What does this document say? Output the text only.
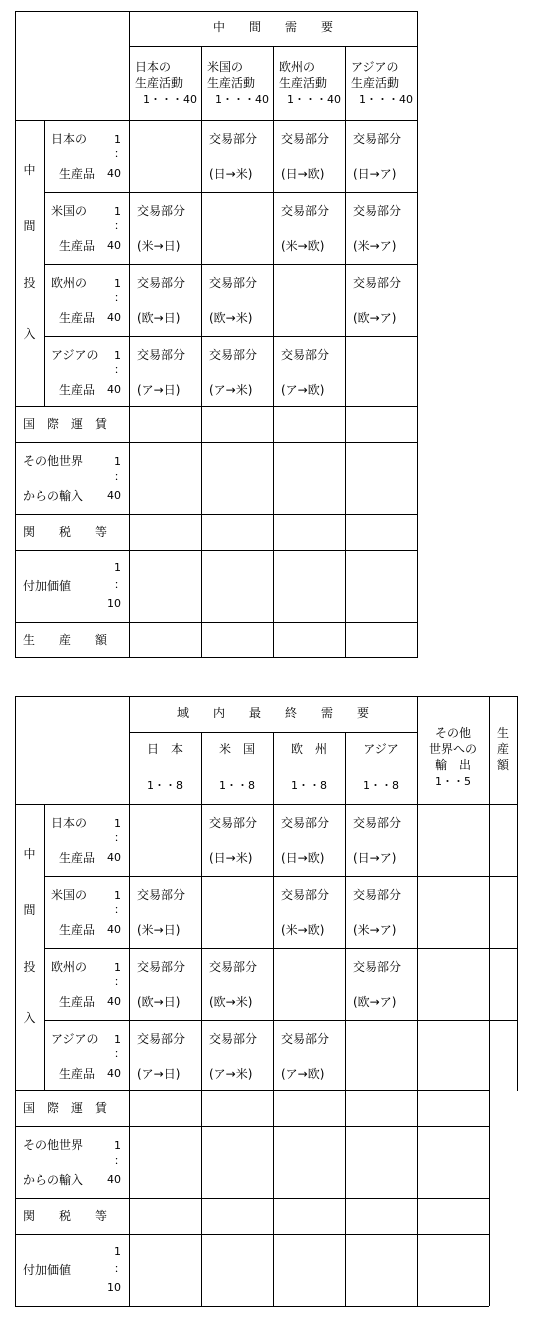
中　　間　　需　　要
日本の
生産活動
1・・・40
米国の
生産活動
1・・・40
欧州の
生産活動
1・・・40
アジアの
生産活動
1・・・40
中
間
投
入
日本の 1
：
生産品 40
交易部分
(日→米)
交易部分
(日→欧)
交易部分
(日→ア)
米国の 1
：
生産品 40
交易部分
(米→日)
交易部分
(米→欧)
交易部分
(米→ア)
欧州の 1
：
生産品 40
交易部分
(欧→日)
交易部分
(欧→米)
交易部分
(欧→ア)
アジアの 1
：
生産品 40
交易部分
(ア→日)
交易部分
(ア→米)
交易部分
(ア→欧)
国　際　運　賃
その他世界	1
：
からの輸入 40
関　　税　　等
1
：
付加価値
10
生　　産　　額
域　　内　　最　　終　　需　　要
日　本
1・・8
米　国
1・・8
欧　州
1・・8
アジア
1・・8
その他
世界への
輸　出
1・・5
生
産
額
中
間
投
入
日本の 1
：
生産品 40
交易部分
(日→米)
交易部分
(日→欧)
交易部分
(日→ア)
米国の 1
：
生産品 40
交易部分
(米→日)
交易部分
(米→欧)
交易部分
(米→ア)
欧州の 1
：
生産品 40
交易部分
(欧→日)
交易部分
(欧→米)
交易部分
(欧→ア)
アジアの 1
：
生産品 40
交易部分
(ア→日)
交易部分
(ア→米)
交易部分
(ア→欧)
国　際　運　賃
その他世界	1
：
からの輸入 40
関　　税　　等
1
：
付加価値
10
